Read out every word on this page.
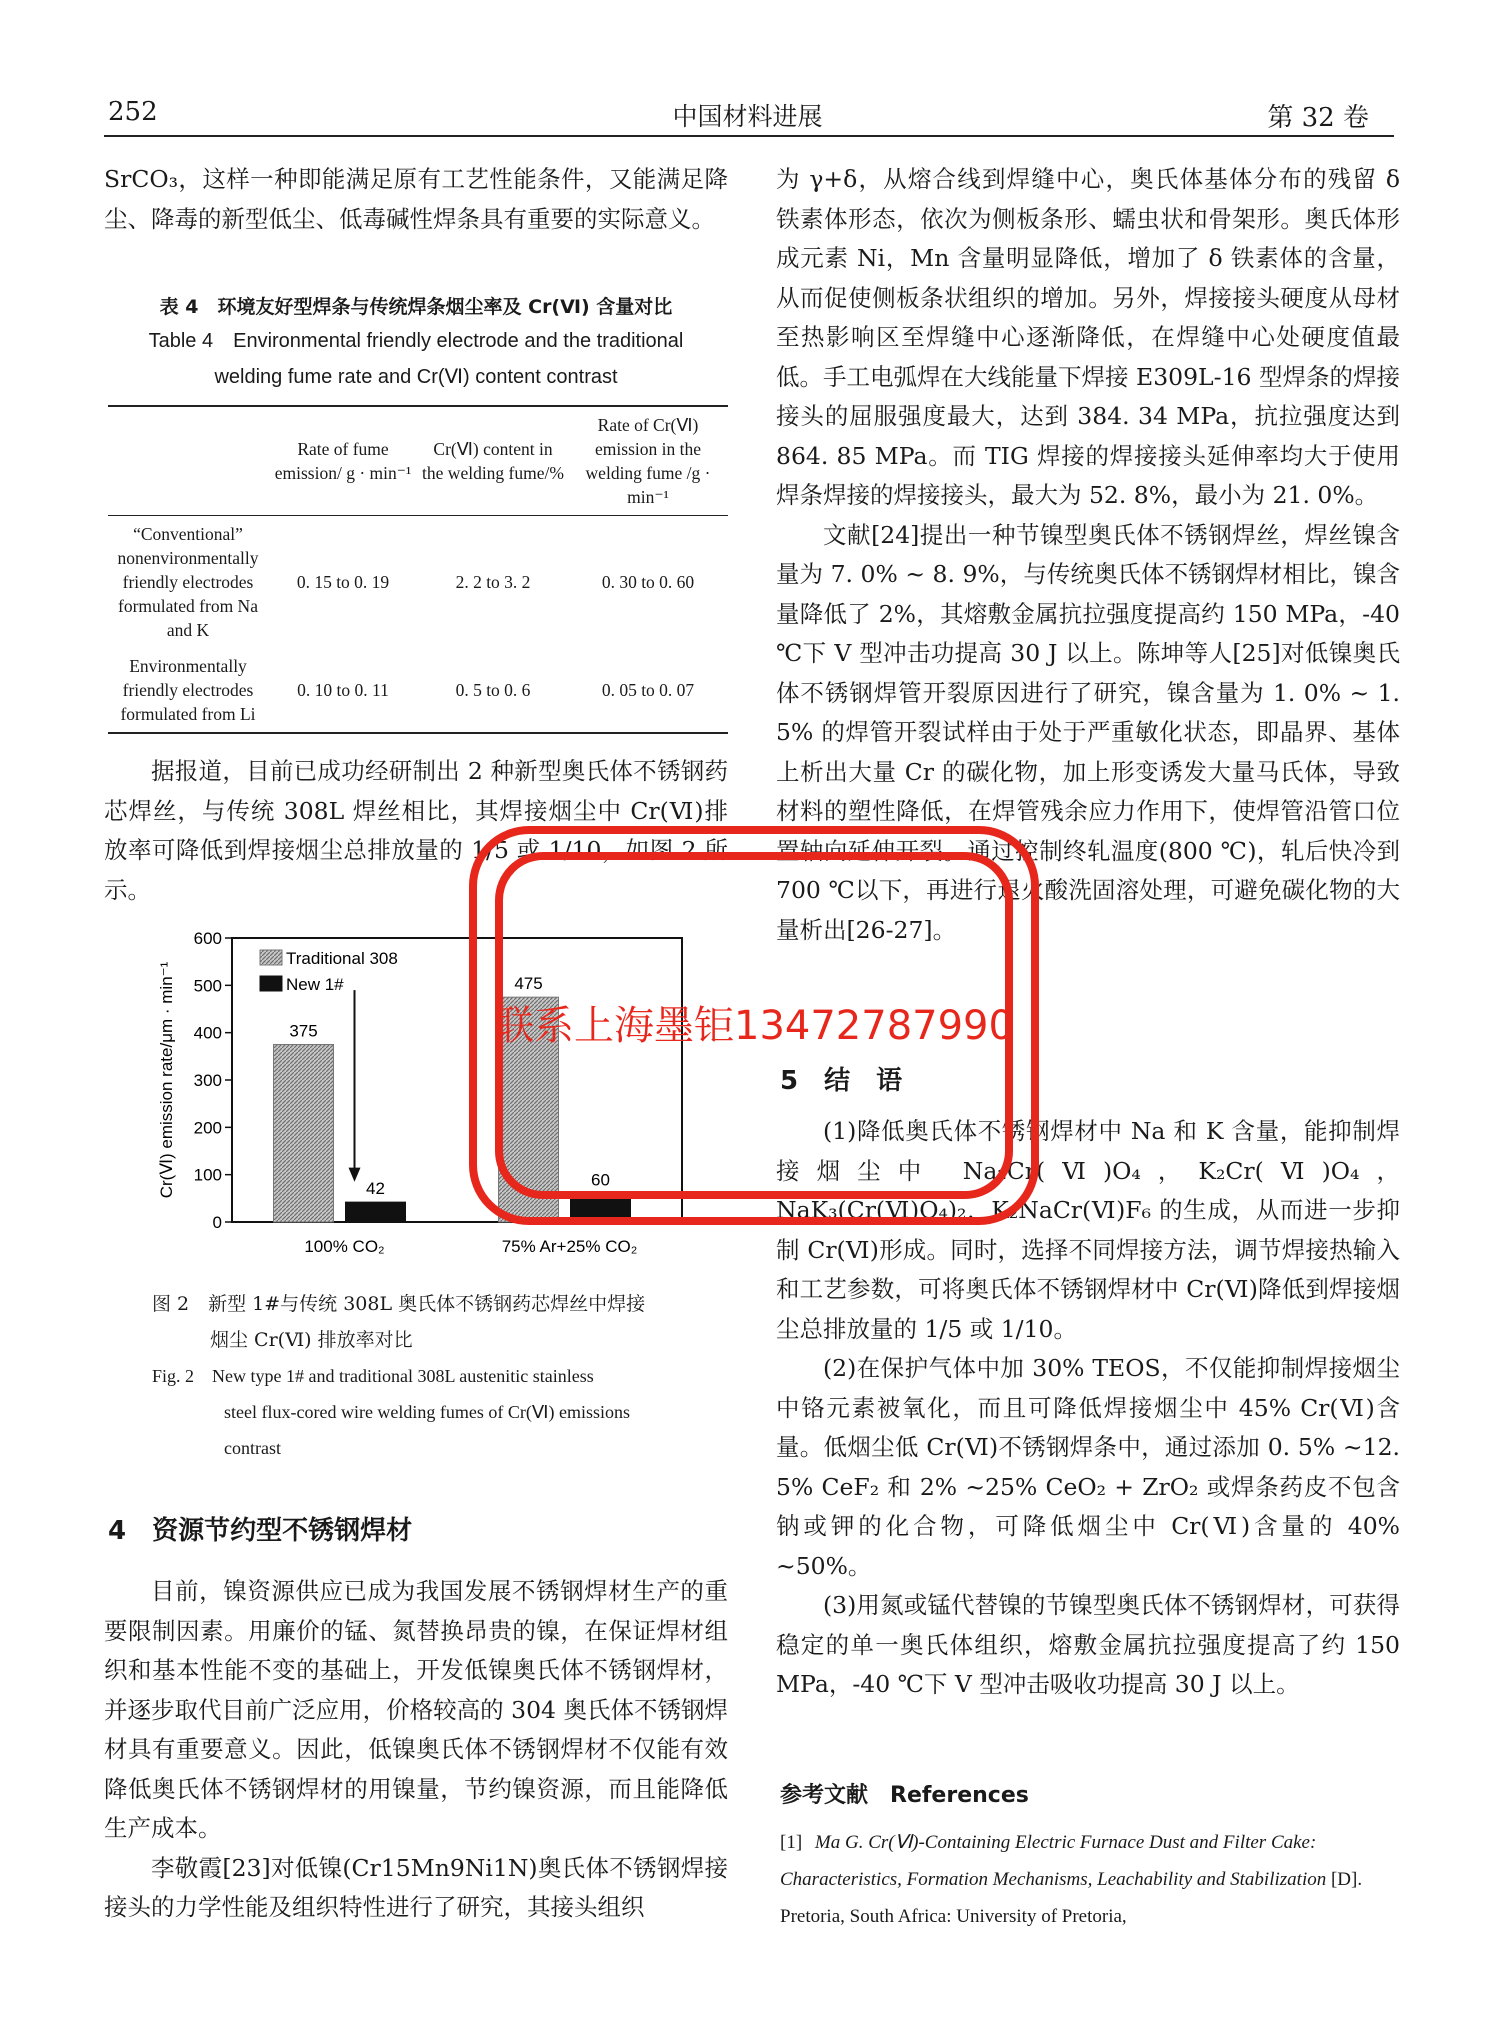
252	中国材料进展	第 32 卷

SrCO₃，这样一种即能满足原有工艺性能条件，又能满足降尘、降毒的新型低尘、低毒碱性焊条具有重要的实际意义。

表 4　环境友好型焊条与传统焊条烟尘率及 Cr(Ⅵ) 含量对比
Table 4　Environmental friendly electrode and the traditional
welding fume rate and Cr(Ⅵ) content contrast
	Rate of fume emission/ g · min⁻¹	Cr(Ⅵ) content in the welding fume/%	Rate of Cr(Ⅵ) emission in the welding fume /g · min⁻¹
“Conventional” nonenvironmentally friendly electrodes formulated from Na and K	0. 15 to 0. 19	2. 2 to 3. 2	0. 30 to 0. 60
Environmentally friendly electrodes formulated from Li	0. 10 to 0. 11	0. 5 to 0. 6	0. 05 to 0. 07

据报道，目前已成功经研制出 2 种新型奥氏体不锈钢药芯焊丝，与传统 308L 焊丝相比，其焊接烟尘中 Cr(Ⅵ)排放率可降低到焊接烟尘总排放量的 1/5 或 1/10，如图 2 所示。

0
100
200
300
400
500
600
Cr(Ⅵ) emission rate/μm · min⁻¹	375
42
100% CO₂
475
60
75% Ar+25% CO₂
Traditional 308
New 1#
图 2　新型 1#与传统 308L 奥氏体不锈钢药芯焊丝中焊接
烟尘 Cr(Ⅵ) 排放率对比
Fig. 2　New type 1# and traditional 308L austenitic stainless
steel flux-cored wire welding fumes of Cr(Ⅵ) emissions
contrast
4　资源节约型不锈钢焊材

目前，镍资源供应已成为我国发展不锈钢焊材生产的重要限制因素。用廉价的锰、氮替换昂贵的镍，在保证焊材组织和基本性能不变的基础上，开发低镍奥氏体不锈钢焊材，并逐步取代目前广泛应用，价格较高的 304 奥氏体不锈钢焊材具有重要意义。因此，低镍奥氏体不锈钢焊材不仅能有效降低奥氏体不锈钢焊材的用镍量，节约镍资源，而且能降低生产成本。

李敬霞[23]对低镍(Cr15Mn9Ni1N)奥氏体不锈钢焊接接头的力学性能及组织特性进行了研究，其接头组织

为 γ+δ，从熔合线到焊缝中心，奥氏体基体分布的残留 δ 铁素体形态，依次为侧板条形、蠕虫状和骨架形。奥氏体形成元素 Ni，Mn 含量明显降低，增加了 δ 铁素体的含量，从而促使侧板条状组织的增加。另外，焊接接头硬度从母材至热影响区至焊缝中心逐渐降低，在焊缝中心处硬度值最低。手工电弧焊在大线能量下焊接 E309L-16 型焊条的焊接接头的屈服强度最大，达到 384. 34 MPa，抗拉强度达到 864. 85 MPa。而 TIG 焊接的焊接接头延伸率均大于使用焊条焊接的焊接接头，最大为 52. 8%，最小为 21. 0%。

文献[24]提出一种节镍型奥氏体不锈钢焊丝，焊丝镍含量为 7. 0% ~ 8. 9%，与传统奥氏体不锈钢焊材相比，镍含量降低了 2%，其熔敷金属抗拉强度提高约 150 MPa，-40 ℃下 V 型冲击功提高 30 J 以上。陈坤等人[25]对低镍奥氏体不锈钢焊管开裂原因进行了研究，镍含量为 1. 0% ~ 1. 5% 的焊管开裂试样由于处于严重敏化状态，即晶界、基体上析出大量 Cr 的碳化物，加上形变诱发大量马氏体，导致材料的塑性降低，在焊管残余应力作用下，使焊管沿管口位置轴向延伸开裂。通过控制终轧温度(800 ℃)，轧后快冷到 700 ℃以下，再进行退火酸洗固溶处理，可避免碳化物的大量析出[26-27]。

5　结　语

(1)降低奥氏体不锈钢焊材中 Na 和 K 含量，能抑制焊接烟尘中 Na₂Cr(Ⅵ)O₄，K₂Cr(Ⅵ)O₄，NaK₃(Cr(Ⅵ)O₄)₂，K₂NaCr(Ⅵ)F₆ 的生成，从而进一步抑制 Cr(Ⅵ)形成。同时，选择不同焊接方法，调节焊接热输入和工艺参数，可将奥氏体不锈钢焊材中 Cr(Ⅵ)降低到焊接烟尘总排放量的 1/5 或 1/10。

(2)在保护气体中加 30% TEOS，不仅能抑制焊接烟尘中铬元素被氧化，而且可降低焊接烟尘中 45% Cr(Ⅵ)含量。低烟尘低 Cr(Ⅵ)不锈钢焊条中，通过添加 0. 5% ~12. 5% CeF₂ 和 2% ~25% CeO₂ + ZrO₂ 或焊条药皮不包含钠或钾的化合物，可降低烟尘中 Cr(Ⅵ)含量的 40% ~50%。

(3)用氮或锰代替镍的节镍型奥氏体不锈钢焊材，可获得稳定的单一奥氏体组织，熔敷金属抗拉强度提高了约 150 MPa，-40 ℃下 V 型冲击吸收功提高 30 J 以上。

参考文献　References
[1] Ma G. Cr(Ⅵ)-Containing Electric Furnace Dust and Filter Cake: Characteristics, Formation Mechanisms, Leachability and Stabilization [D]. Pretoria, South Africa: University of Pretoria,
联系上海墨钜13472787990
